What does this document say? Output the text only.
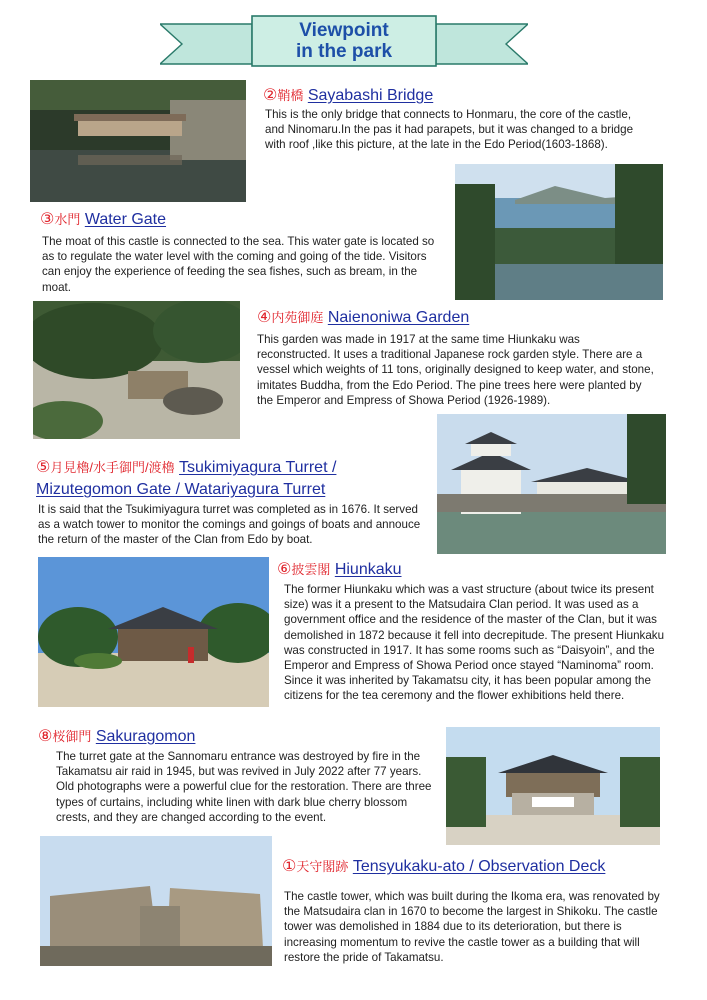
Viewpoint
in the park
②鞘橋 Sayabashi Bridge
This is the only bridge that connects to Honmaru, the core of the castle, and Ninomaru.In the pas it had parapets, but it was changed to a bridge with roof ,like this picture, at the late in the Edo Period(1603-1868).
③水門 Water Gate
The moat of this castle is connected to the sea. This water gate is located so as to regulate the water level with the coming and going of the tide. Visitors can enjoy the experience of feeding the sea fishes, such as bream, in the moat.
④内苑御庭 Naienoniwa Garden
This garden was made in 1917 at the same time Hiunkaku was reconstructed. It uses a traditional Japanese rock garden style. There are a vessel which weights of 11 tons, originally designed to keep water, and stone, imitates Buddha, from the Edo Period. The pine trees here were planted by the Emperor and Empress of Showa Period (1926-1989).
⑤月見櫓/水手御門/渡櫓 Tsukimiyagura Turret /
Mizutegomon Gate / Watariyagura Turret
It is said that the Tsukimiyagura turret was completed as in 1676. It served as a watch tower to monitor the comings and goings of boats and annouce the return of the master of the Clan from Edo by boat.
⑥披雲閣 Hiunkaku
The former Hiunkaku which was a vast structure (about twice its present size) was it a present to the Matsudaira Clan period. It was used as a government office and the residence of the master of the Clan, but it was demolished in 1872 because it fell into decrepitude. The present Hiunkaku was constructed in 1917. It has some rooms such as “Daisyoin”, and the Emperor and Empress of Showa Period once stayed “Naminoma” room. Since it was inherited by Takamatsu city, it has been popular among the citizens for the tea ceremony and the flower exhibitions held there.
⑧桜御門 Sakuragomon
The turret gate at the Sannomaru entrance was destroyed by fire in the Takamatsu air raid in 1945, but was revived in July 2022 after 77 years. Old photographs were a powerful clue for the restoration. There are three types of curtains, including white linen with dark blue cherry blossom crests, and they are changed according to the event.
①天守閣跡 Tensyukaku-ato / Observation Deck
The castle tower, which was built during the Ikoma era, was renovated by the Matsudaira clan in 1670 to become the largest in Shikoku. The castle tower was demolished in 1884 due to its deterioration, but there is increasing momentum to revive the castle tower as a building that will restore the pride of Takamatsu.
